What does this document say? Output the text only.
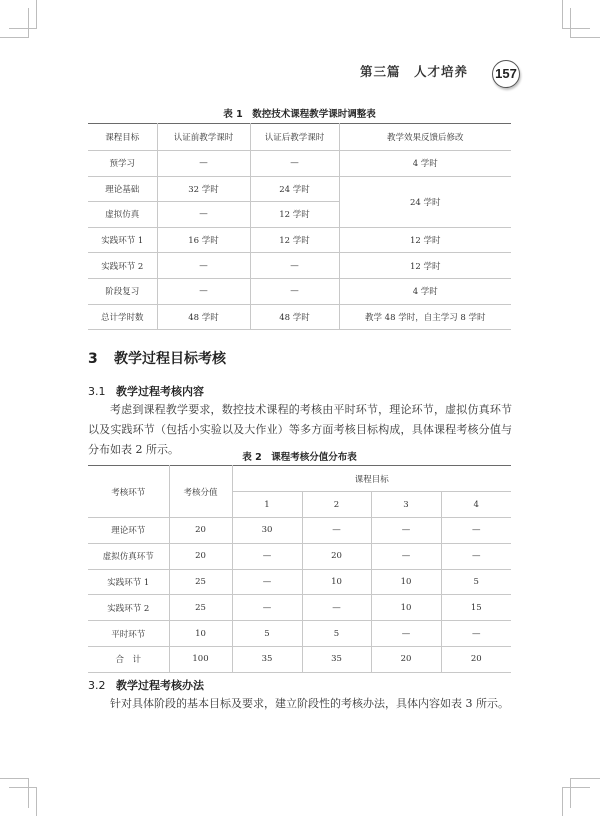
第三篇　人才培养 157
表 1　数控技术课程教学课时调整表
课程目标	认证前教学课时	认证后教学课时	教学效果反馈后修改
预学习	—	—	4 学时
理论基础	32 学时	24 学时	24 学时
虚拟仿真	—	12 学时	
实践环节 1	16 学时	12 学时	12 学时
实践环节 2	—	—	12 学时
阶段复习	—	—	4 学时
总计学时数	48 学时	48 学时	教学 48 学时，自主学习 8 学时
3 教学过程目标考核
3.1 教学过程考核内容
考虑到课程教学要求，数控技术课程的考核由平时环节，理论环节，虚拟仿真环节以及实践环节（包括小实验以及大作业）等多方面考核目标构成，具体课程考核分值与分布如表 2 所示。
表 2　课程考核分值分布表
考核环节	考核分值	课程目标			
		1	2	3	4
理论环节	20	30	—	—	—
虚拟仿真环节	20	—	20	—	—
实践环节 1	25	—	10	10	5
实践环节 2	25	—	—	10	15
平时环节	10	5	5	—	—
合　计	100	35	35	20	20
3.2 教学过程考核办法
针对具体阶段的基本目标及要求，建立阶段性的考核办法，具体内容如表 3 所示。
